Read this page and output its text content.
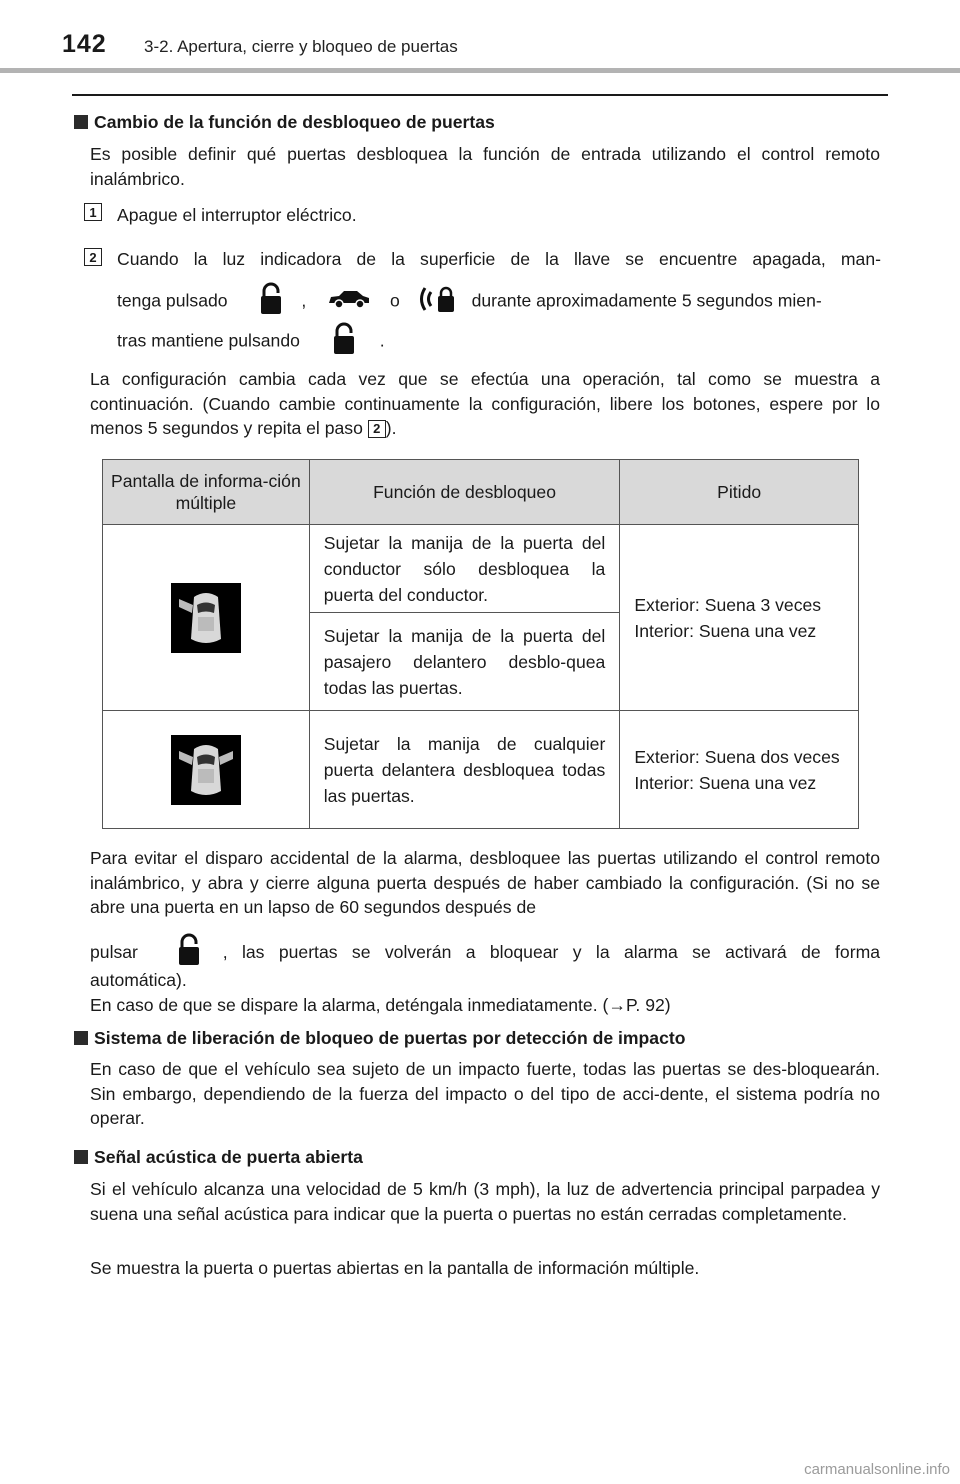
142 3-2. Apertura, cierre y bloqueo de puertas

Cambio de la función de desbloqueo de puertas

Es posible definir qué puertas desbloquea la función de entrada utilizando el control remoto inalámbrico.

1	Apague el interruptor eléctrico.

2	Cuando la luz indicadora de la superficie de la llave se encuentre apagada, man-

tenga pulsado	,	o	durante aproximadamente 5 segundos mien-
tras mantiene pulsando	.

La configuración cambia cada vez que se efectúa una operación, tal como se muestra a continuación. (Cuando cambie continuamente la configuración, libere los botones, espere por lo menos 5 segundos y repita el paso 2 ).

Pantalla de informa-ción múltiple	Función de desbloqueo	Pitido

	Sujetar la manija de la puerta del conductor sólo desbloquea la puerta del conductor.	Exterior: Suena 3 veces
Interior: Suena una vez
	Sujetar la manija de la puerta del pasajero delantero desblo-quea todas las puertas.	

	Sujetar la manija de cualquier puerta delantera desbloquea todas las puertas.	Exterior: Suena dos veces
Interior: Suena una vez

Para evitar el disparo accidental de la alarma, desbloquee las puertas utilizando el control remoto inalámbrico, y abra y cierre alguna puerta después de haber cambiado la configuración. (Si no se abre una puerta en un lapso de 60 segundos después de

pulsar	, las puertas se volverán a bloquear y la alarma se activará de forma

automática).

En caso de que se dispare la alarma, deténgala inmediatamente. (→P. 92)

Sistema de liberación de bloqueo de puertas por detección de impacto

En caso de que el vehículo sea sujeto de un impacto fuerte, todas las puertas se des-bloquearán. Sin embargo, dependiendo de la fuerza del impacto o del tipo de acci-dente, el sistema podría no operar.

Señal acústica de puerta abierta

Si el vehículo alcanza una velocidad de 5 km/h (3 mph), la luz de advertencia principal parpadea y suena una señal acústica para indicar que la puerta o puertas no están cerradas completamente.

Se muestra la puerta o puertas abiertas en la pantalla de información múltiple.

carmanualsonline.info
